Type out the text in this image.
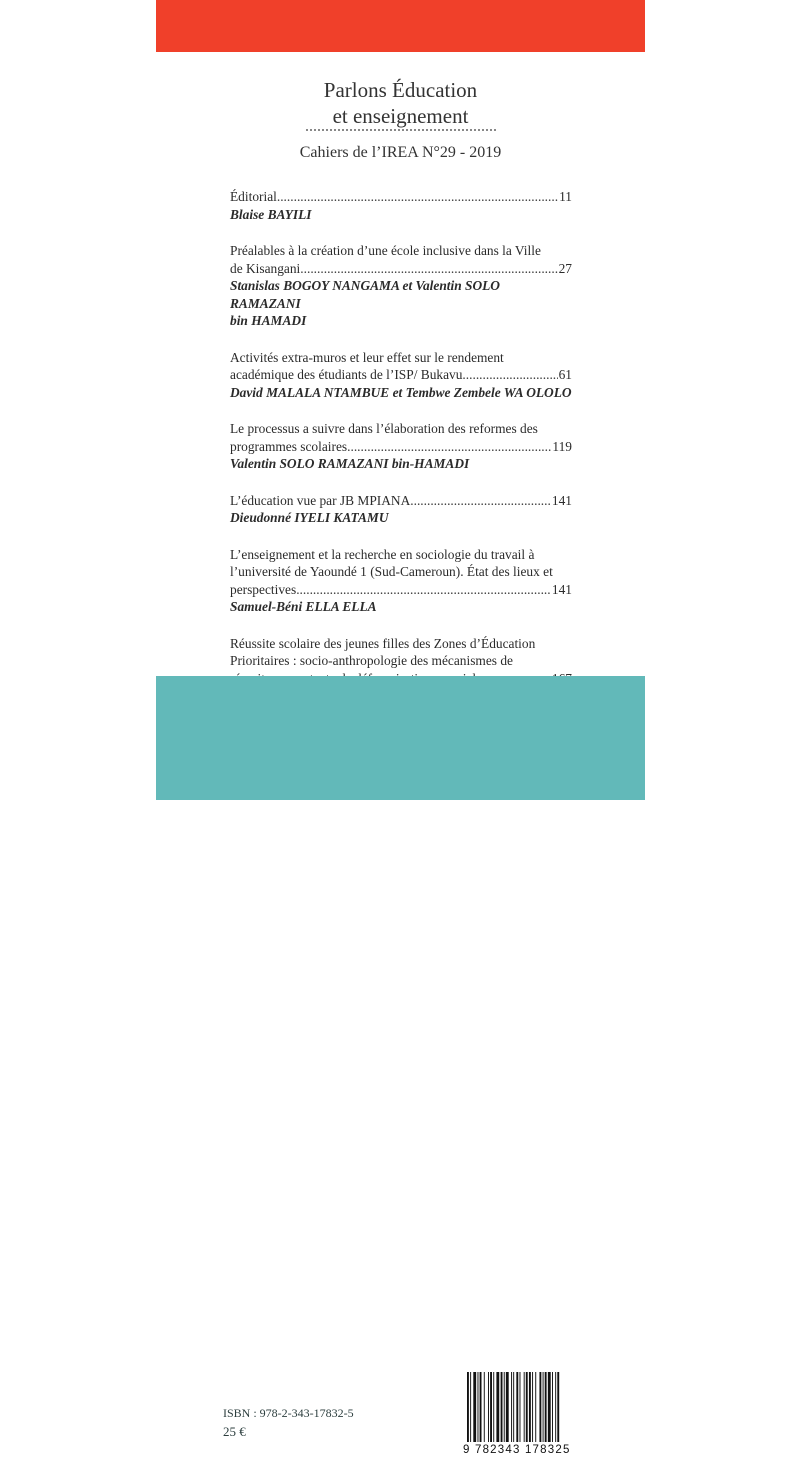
Parlons Éducation
et enseignement
Cahiers de l’IREA N°29 - 2019
Éditorial .....	11
Blaise BAYILI
Préalables à la création d’une école inclusive dans la Ville
de Kisangani .....	27
Stanislas BOGOY NANGAMA et Valentin SOLO RAMAZANI
bin HAMADI
Activités extra-muros et leur effet sur le rendement
académique des étudiants de l’ISP/ Bukavu .....	61
David MALALA NTAMBUE et Tembwe Zembele WA OLOLO
Le processus a suivre dans l’élaboration des reformes des
programmes scolaires .....	119
Valentin SOLO RAMAZANI bin-HAMADI
L’éducation vue par JB MPIANA .....	141
Dieudonné IYELI KATAMU
L’enseignement et la recherche en sociologie du travail à
l’université de Yaoundé 1 (Sud-Cameroun). État des lieux et
perspectives .....	141
Samuel-Béni ELLA ELLA
Réussite scolaire des jeunes filles des Zones d’Éducation
Prioritaires : socio-anthropologie des mécanismes de
.....
ISBN : 978-2-343-17832-5
25 €
9 782343 178325
